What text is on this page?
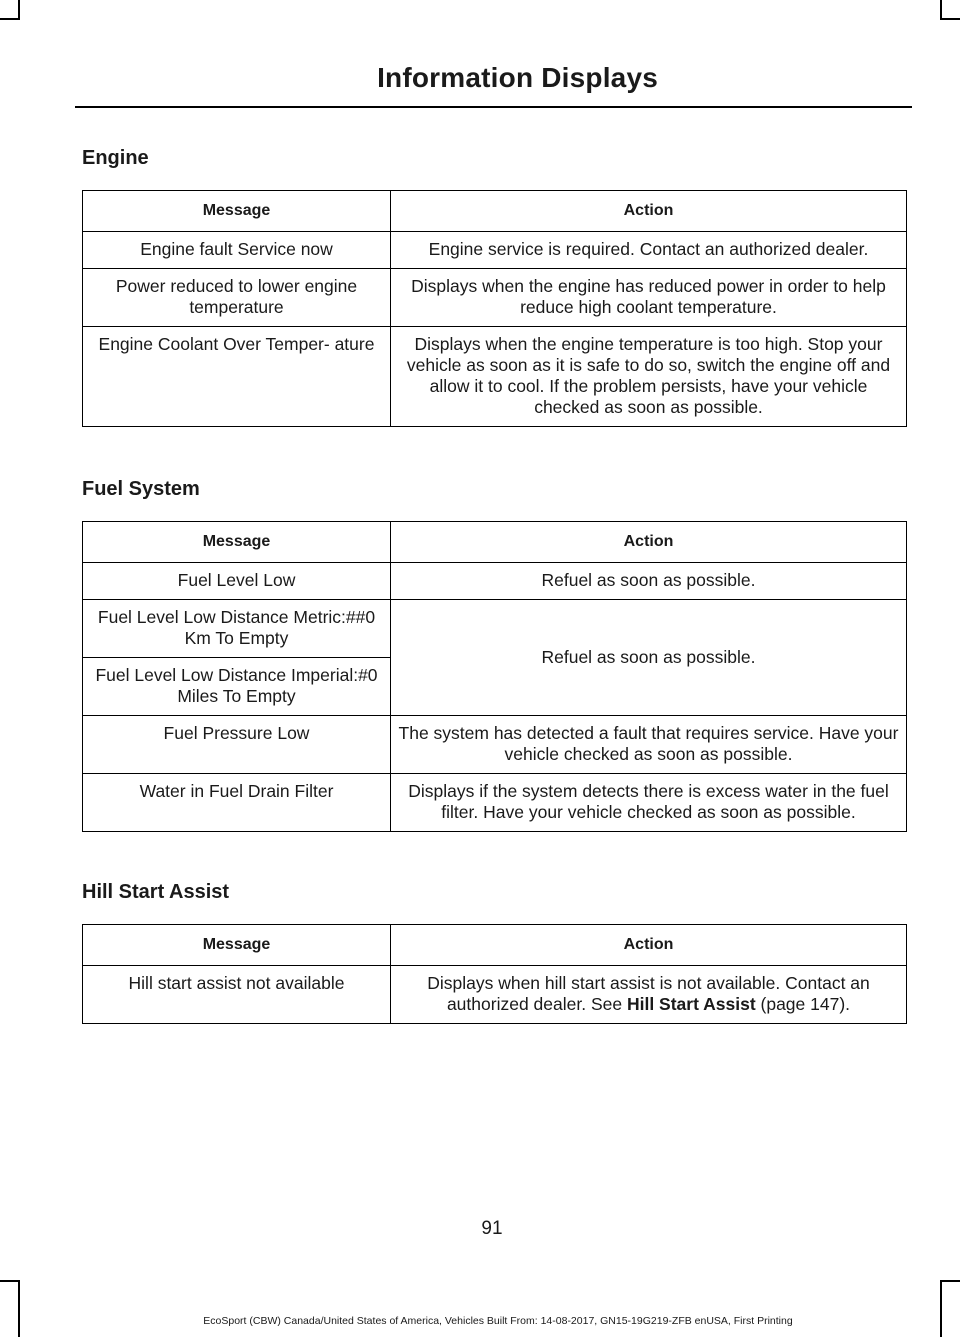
Information Displays
Engine
Message	Action
Engine fault Service now	Engine service is required. Contact an authorized dealer.
Power reduced to lower engine temperature	Displays when the engine has reduced power in order to help reduce high coolant temperature.
Engine Coolant Over Temper- ature	Displays when the engine temperature is too high. Stop your vehicle as soon as it is safe to do so, switch the engine off and allow it to cool. If the problem persists, have your vehicle checked as soon as possible.
Fuel System
Message	Action
Fuel Level Low	Refuel as soon as possible.
Fuel Level Low Distance Metric:##0 Km To Empty	Refuel as soon as possible.
Fuel Level Low Distance Imperial:#0 Miles To Empty	
Fuel Pressure Low	The system has detected a fault that requires service. Have your vehicle checked as soon as possible.
Water in Fuel Drain Filter	Displays if the system detects there is excess water in the fuel filter. Have your vehicle checked as soon as possible.
Hill Start Assist
Message	Action
Hill start assist not available	Displays when hill start assist is not available. Contact an authorized dealer. See Hill Start Assist (page 147).
91
EcoSport (CBW) Canada/United States of America, Vehicles Built From: 14-08-2017, GN15-19G219-ZFB enUSA, First Printing
